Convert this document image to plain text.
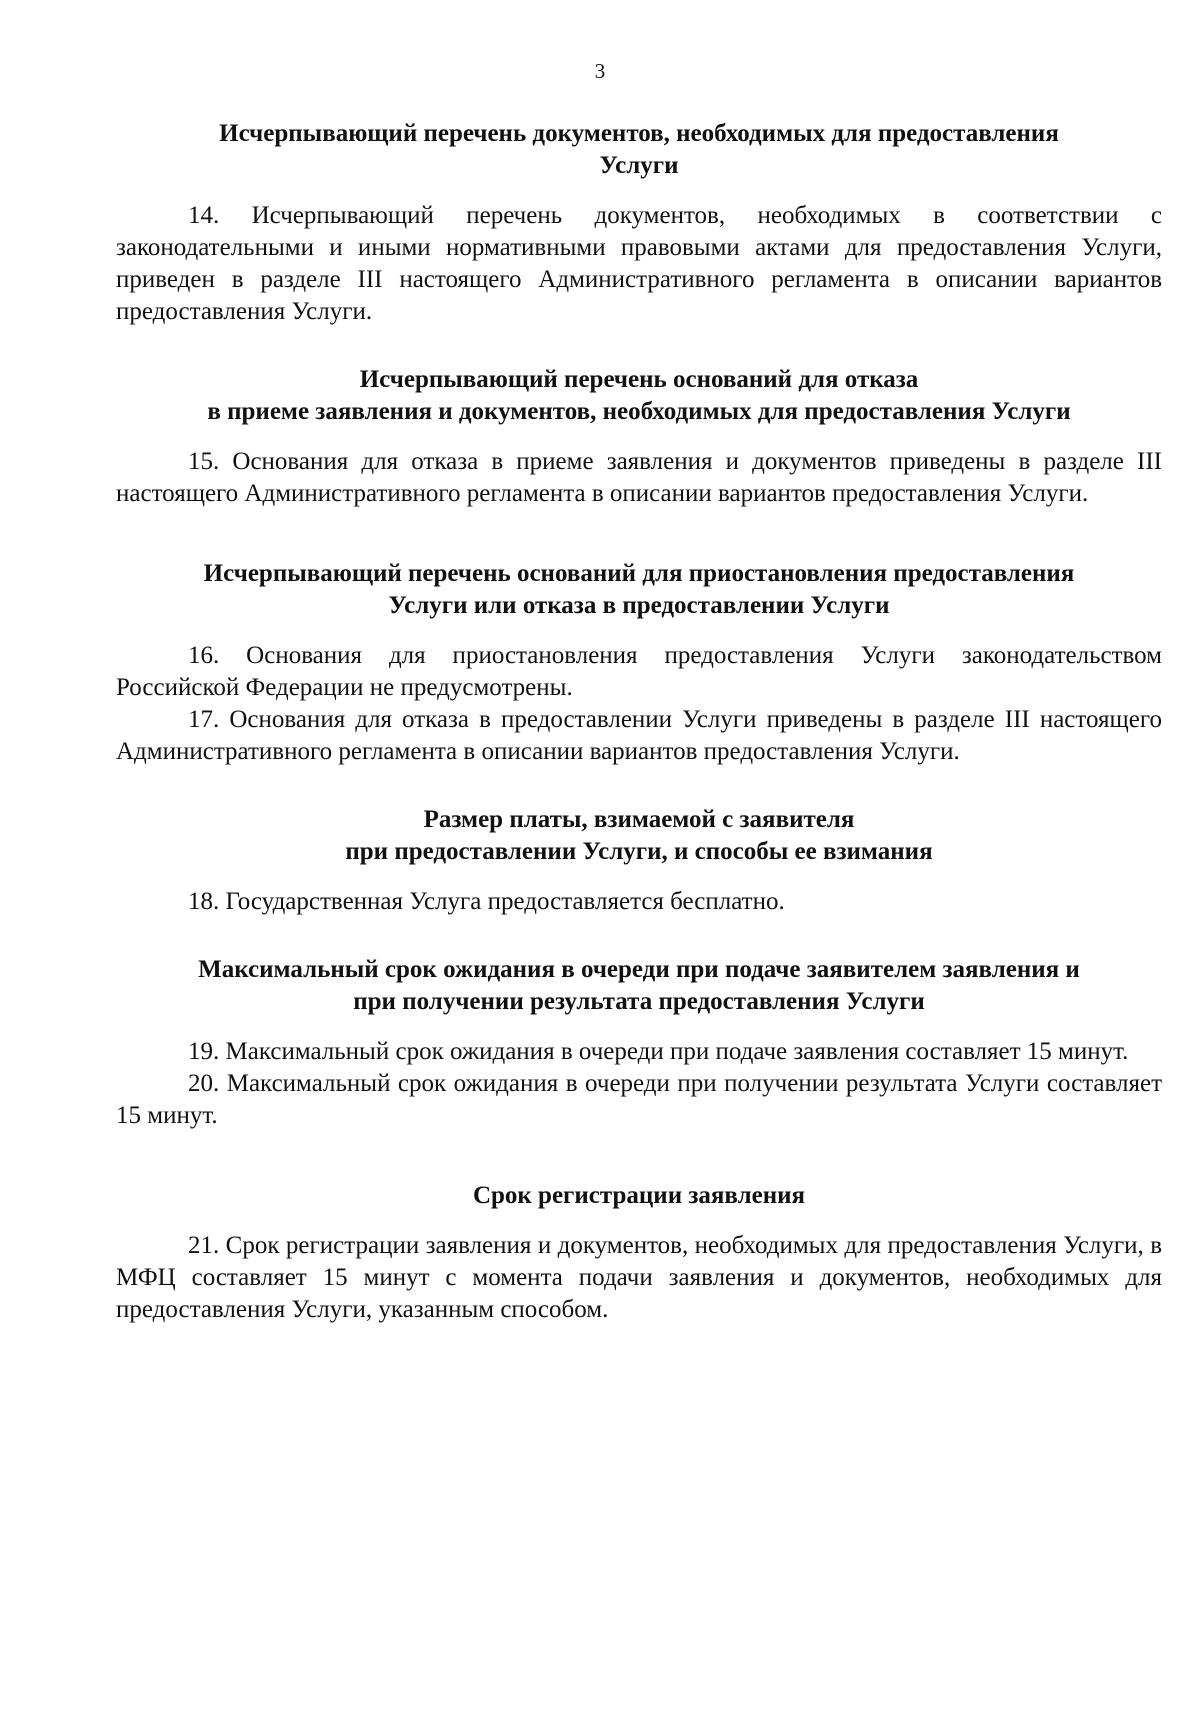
3
Исчерпывающий перечень документов, необходимых для предоставления
Услуги

14. Исчерпывающий перечень документов, необходимых в соответствии с законодательными и иными нормативными правовыми актами для предоставления Услуги, приведен в разделе III настоящего Административного регламента в описании вариантов предоставления Услуги.

Исчерпывающий перечень оснований для отказа
в приеме заявления и документов, необходимых для предоставления Услуги

15. Основания для отказа в приеме заявления и документов приведены в разделе III настоящего Административного регламента в описании вариантов предоставления Услуги.

Исчерпывающий перечень оснований для приостановления предоставления
Услуги или отказа в предоставлении Услуги

16. Основания для приостановления предоставления Услуги законодательством Российской Федерации не предусмотрены.

17. Основания для отказа в предоставлении Услуги приведены в разделе III настоящего Административного регламента в описании вариантов предоставления Услуги.

Размер платы, взимаемой с заявителя
при предоставлении Услуги, и способы ее взимания

18. Государственная Услуга предоставляется бесплатно.

Максимальный срок ожидания в очереди при подаче заявителем заявления и
при получении результата предоставления Услуги

19. Максимальный срок ожидания в очереди при подаче заявления составляет 15 минут.

20. Максимальный срок ожидания в очереди при получении результата Услуги составляет 15 минут.

Срок регистрации заявления

21. Срок регистрации заявления и документов, необходимых для предоставления Услуги, в МФЦ составляет 15 минут с момента подачи заявления и документов, необходимых для предоставления Услуги, указанным способом.
